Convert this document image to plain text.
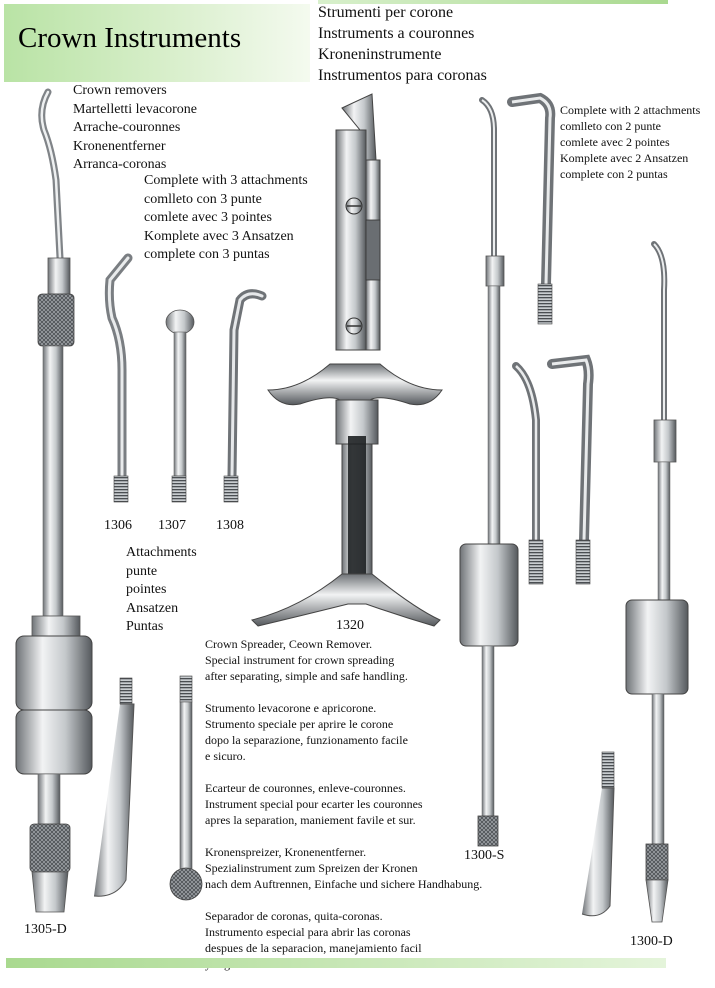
Crown Instruments
Strumenti per corone
Instruments a couronnes
Kroneninstrumente
Instrumentos para coronas
Crown removers
Martelletti levacorone
Arrache-couronnes
Kronenentferner
Arranca-coronas
Complete with 3 attachments
comlleto con 3 punte
comlete avec 3 pointes
Komplete avec 3 Ansatzen
complete con 3 puntas
1306 1307 1308
Attachments
punte
pointes
Ansatzen
Puntas	1320
Crown Spreader, Ceown Remover.
Special instrument for crown spreading
after separating, simple and safe handling.
Strumento levacorone e apricorone.
Strumento speciale per aprire le corone
dopo la separazione, funzionamento facile
e sicuro.
Ecarteur de couronnes, enleve-couronnes.
Instrument special pour ecarter les couronnes
apres la separation, maniement favile et sur.
Kronenspreizer, Kronenentferner.
Spezialinstrument zum Spreizen der Kronen
nach dem Auftrennen, Einfache und sichere Handhabung.
Separador de coronas, quita-coronas.
Instrumento especial para abrir las coronas
despues de la separacion, manejamiento facil
Complete with 2 attachments
comlleto con 2 punte
comlete avec 2 pointes
Komplete avec 2 Ansatzen
complete con 2 puntas
1300-S
1300-D
1305-D
